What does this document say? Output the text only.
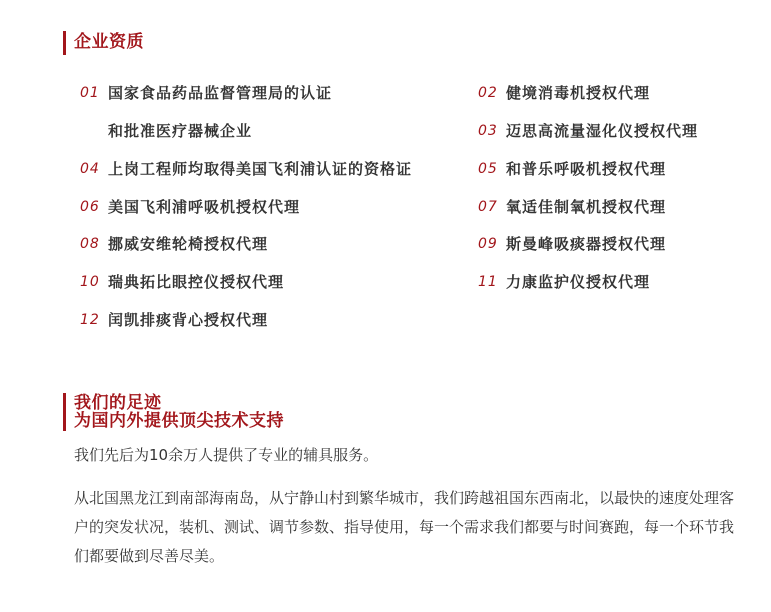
企业资质
01 国家食品药品监督管理局的认证
和批准医疗器械企业
02 健境消毒机授权代理
03 迈思高流量湿化仪授权代理
04 上岗工程师均取得美国飞利浦认证的资格证	05 和普乐呼吸机授权代理
06 美国飞利浦呼吸机授权代理	07 氧适佳制氧机授权代理
08 挪威安维轮椅授权代理	09 斯曼峰吸痰器授权代理
10 瑞典拓比眼控仪授权代理	11 力康监护仪授权代理
12 闰凯排痰背心授权代理
我们的足迹
为国内外提供顶尖技术支持

我们先后为10余万人提供了专业的辅具服务。

从北国黑龙江到南部海南岛，从宁静山村到繁华城市，我们跨越祖国东西南北，以最快的速度处理客户的突发状况，装机、测试、调节参数、指导使用，每一个需求我们都要与时间赛跑，每一个环节我们都要做到尽善尽美。
